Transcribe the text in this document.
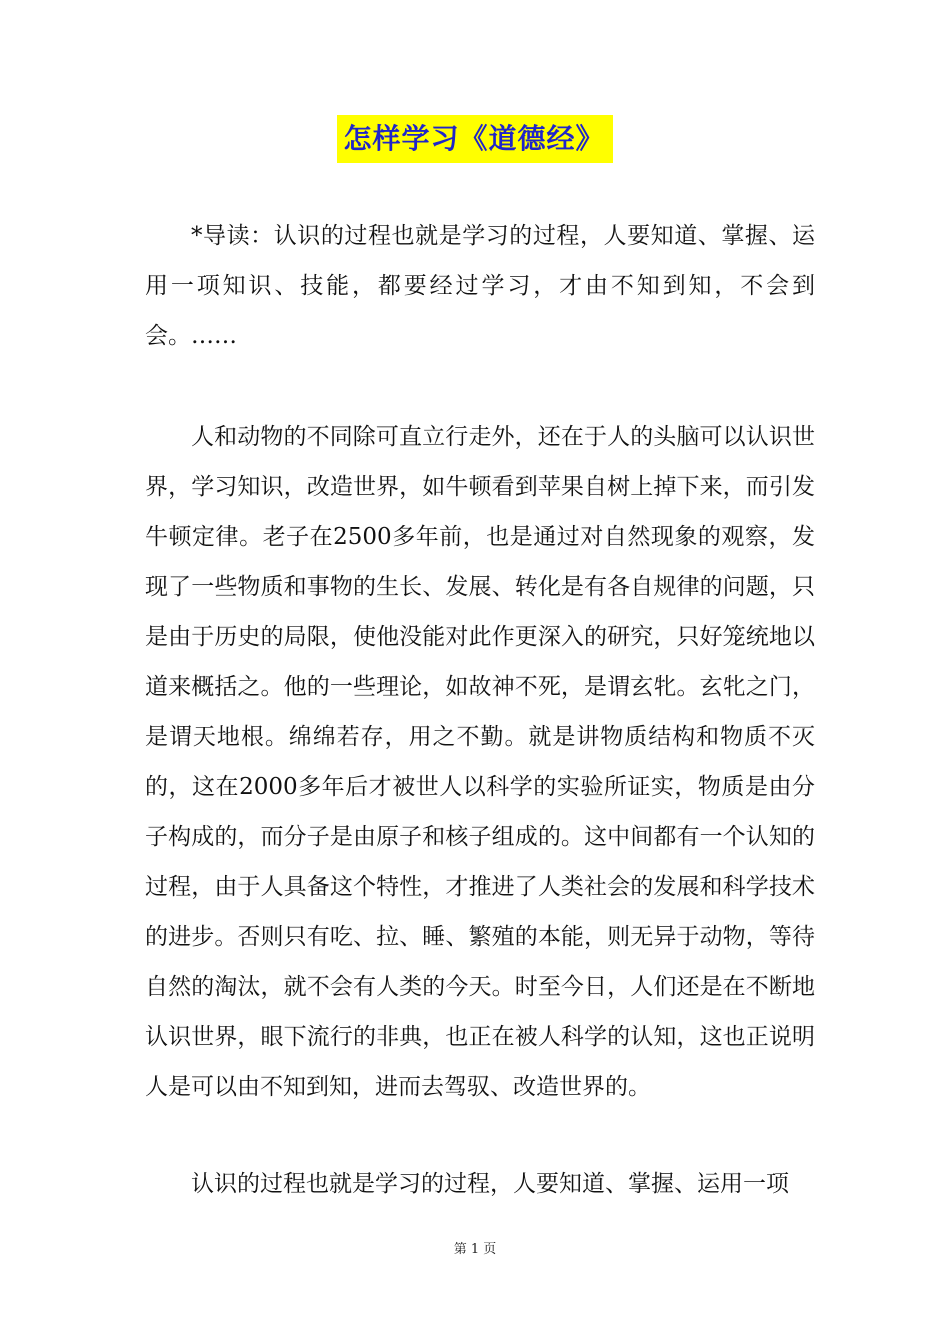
怎样学习《道德经》

*导读：认识的过程也就是学习的过程，人要知道、掌握、运用一项知识、技能，都要经过学习，才由不知到知，不会到会。……

人和动物的不同除可直立行走外，还在于人的头脑可以认识世界，学习知识，改造世界，如牛顿看到苹果自树上掉下来，而引发牛顿定律。老子在2500多年前，也是通过对自然现象的观察，发现了一些物质和事物的生长、发展、转化是有各自规律的问题，只是由于历史的局限，使他没能对此作更深入的研究，只好笼统地以道来概括之。他的一些理论，如故神不死，是谓玄牝。玄牝之门，是谓天地根。绵绵若存，用之不勤。就是讲物质结构和物质不灭的，这在2000多年后才被世人以科学的实验所证实，物质是由分子构成的，而分子是由原子和核子组成的。这中间都有一个认知的过程，由于人具备这个特性，才推进了人类社会的发展和科学技术的进步。否则只有吃、拉、睡、繁殖的本能，则无异于动物，等待自然的淘汰，就不会有人类的今天。时至今日，人们还是在不断地认识世界，眼下流行的非典，也正在被人科学的认知，这也正说明人是可以由不知到知，进而去驾驭、改造世界的。

认识的过程也就是学习的过程，人要知道、掌握、运用一项

第 1 页
